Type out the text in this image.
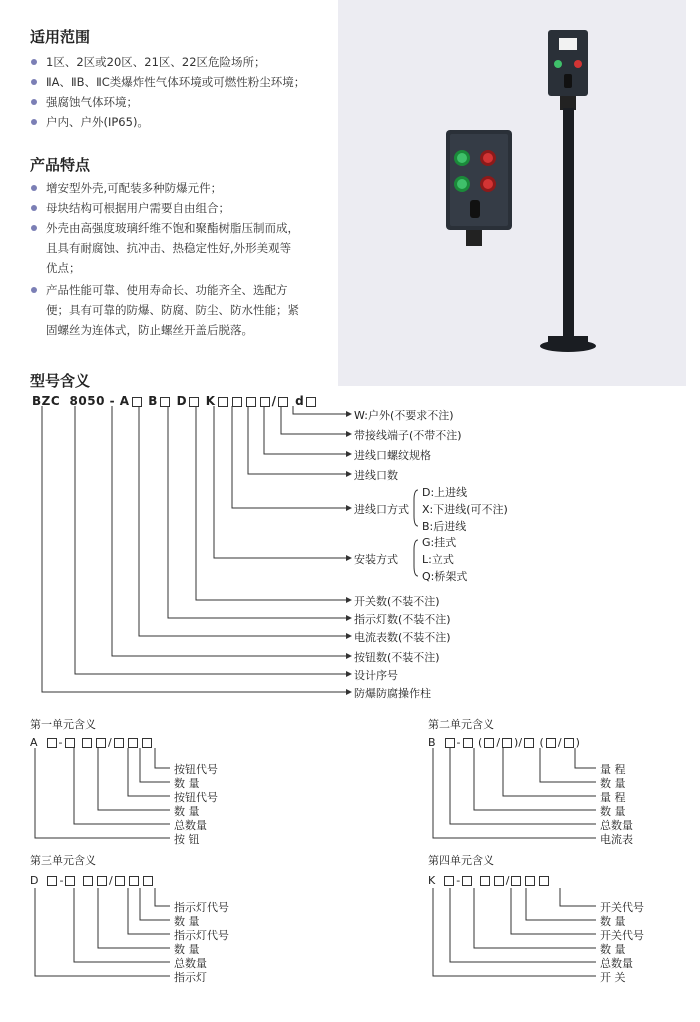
适用范围
1区、2区或20区、21区、22区危险场所；
ⅡA、ⅡB、ⅡC类爆炸性气体环境或可燃性粉尘环境；
强腐蚀气体环境；
户内、户外(IP65)。
产品特点
增安型外壳,可配装多种防爆元件；
母块结构可根据用户需要自由组合；
外壳由高强度玻璃纤维不饱和聚酯树脂压制而成，
且具有耐腐蚀、抗冲击、热稳定性好,外形美观等
优点；
产品性能可靠、使用寿命长、功能齐全、选配方
便；具有可靠的防爆、防腐、防尘、防水性能；紧
固螺丝为连体式，防止螺丝开盖后脱落。
型号含义
BZC 8050 - A B D K	/ d
W:户外(不要求不注)
带接线端子(不带不注)
进线口螺纹规格
进线口数
进线口方式
D:上进线
X:下进线(可不注)
B:后进线
安装方式
G:挂式
L:立式
Q:桥架式
开关数(不装不注)
指示灯数(不装不注)
电流表数(不装不注)
按钮数(不装不注)
设计序号
防爆防腐操作柱
第一单元含义
A -	/
按钮代号
数 量
按钮代号
数 量
总数量
按 钮
第二单元含义
B - ( / )/ ( / )
量 程
数 量
量 程
数 量
总数量
电流表
第三单元含义
D -	/
指示灯代号
数 量
指示灯代号
数 量
总数量
指示灯
第四单元含义
K -	/
开关代号
数 量
开关代号
数 量
总数量
开 关
